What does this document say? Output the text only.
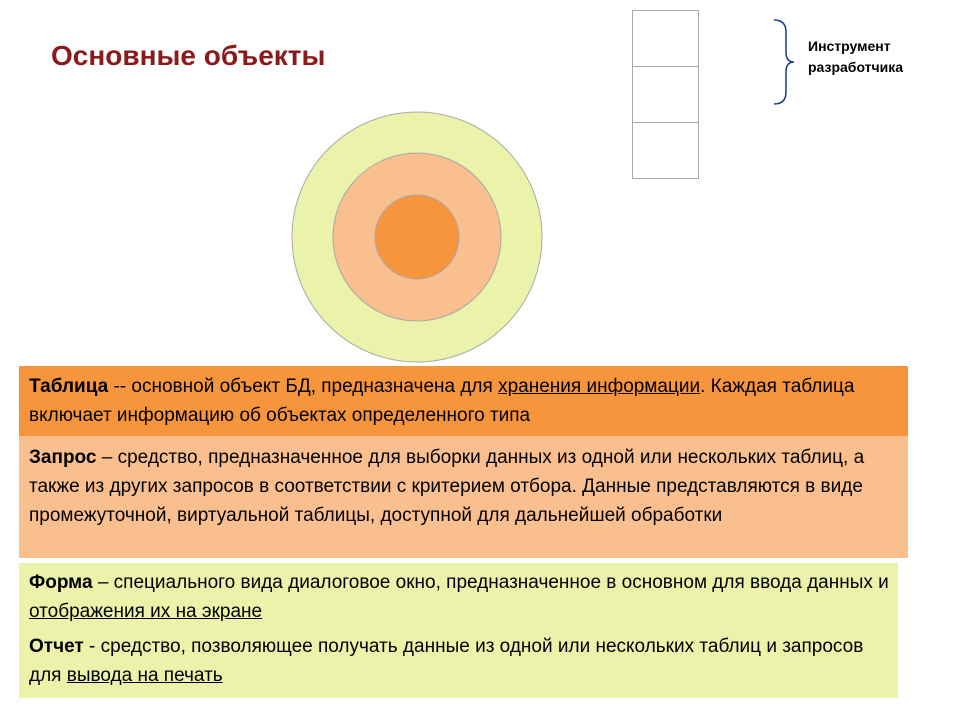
Основные объекты	Инструмент
разработчика

Таблица -- основной объект БД, предназначена для хранения информации. Каждая таблица включает информацию об объектах определенного типа
Запрос – средство, предназначенное для выборки данных из одной или нескольких таблиц, а также из других запросов в соответствии с критерием отбора. Данные представляются в виде промежуточной, виртуальной таблицы, доступной для дальнейшей обработки
Форма – специального вида диалоговое окно, предназначенное в основном для ввода данных и отображения их на экране
Отчет - средство, позволяющее получать данные из одной или нескольких таблиц и запросов для вывода на печать
